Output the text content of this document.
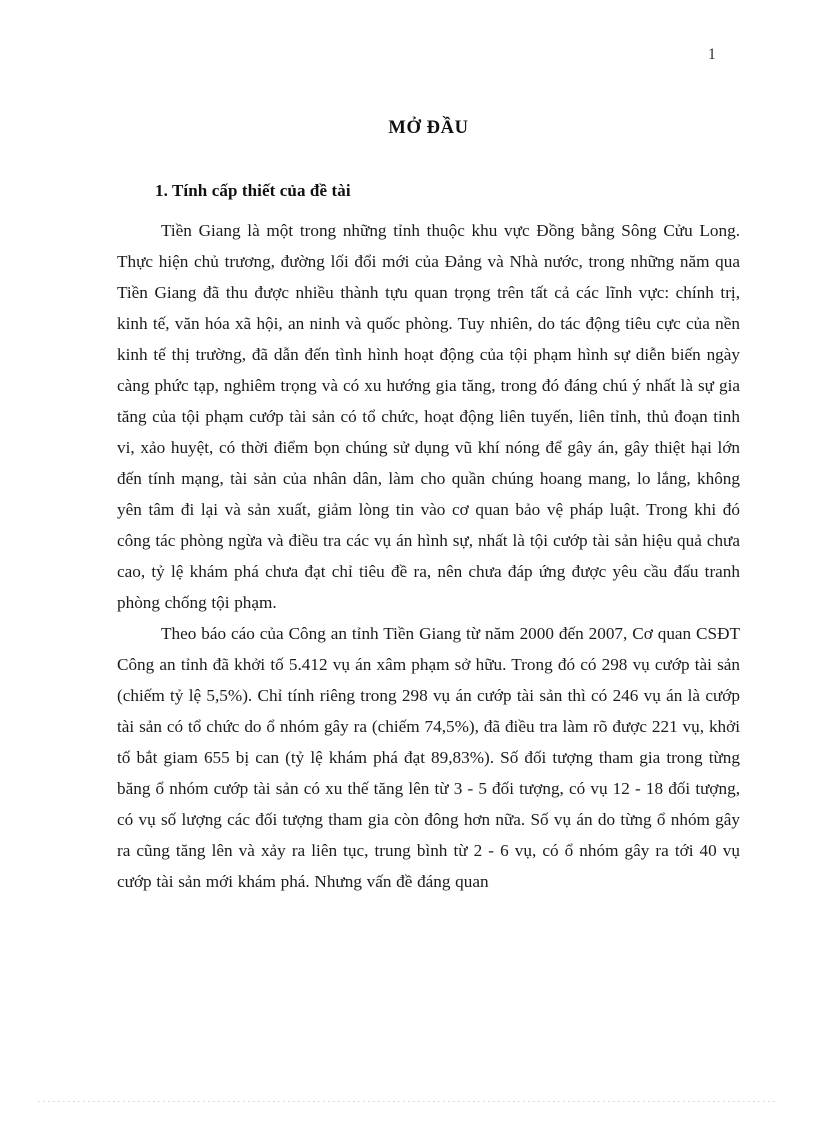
1
MỞ ĐẦU
1. Tính cấp thiết của đề tài

Tiền Giang là một trong những tỉnh thuộc khu vực Đồng bằng Sông Cửu Long. Thực hiện chủ trương, đường lối đổi mới của Đảng và Nhà nước, trong những năm qua Tiền Giang đã thu được nhiều thành tựu quan trọng trên tất cả các lĩnh vực: chính trị, kinh tế, văn hóa xã hội, an ninh và quốc phòng. Tuy nhiên, do tác động tiêu cực của nền kinh tế thị trường, đã dẫn đến tình hình hoạt động của tội phạm hình sự diễn biến ngày càng phức tạp, nghiêm trọng và có xu hướng gia tăng, trong đó đáng chú ý nhất là sự gia tăng của tội phạm cướp tài sản có tổ chức, hoạt động liên tuyến, liên tỉnh, thủ đoạn tinh vi, xảo huyệt, có thời điểm bọn chúng sử dụng vũ khí nóng để gây án, gây thiệt hại lớn đến tính mạng, tài sản của nhân dân, làm cho quần chúng hoang mang, lo lắng, không yên tâm đi lại và sản xuất, giảm lòng tin vào cơ quan bảo vệ pháp luật. Trong khi đó công tác phòng ngừa và điều tra các vụ án hình sự, nhất là tội cướp tài sản hiệu quả chưa cao, tỷ lệ khám phá chưa đạt chỉ tiêu đề ra, nên chưa đáp ứng được yêu cầu đấu tranh phòng chống tội phạm.

Theo báo cáo của Công an tỉnh Tiền Giang từ năm 2000 đến 2007, Cơ quan CSĐT Công an tỉnh đã khởi tố 5.412 vụ án xâm phạm sở hữu. Trong đó có 298 vụ cướp tài sản (chiếm tỷ lệ 5,5%). Chỉ tính riêng trong 298 vụ án cướp tài sản thì có 246 vụ án là cướp tài sản có tổ chức do ổ nhóm gây ra (chiếm 74,5%), đã điều tra làm rõ được 221 vụ, khởi tố bắt giam 655 bị can (tỷ lệ khám phá đạt 89,83%). Số đối tượng tham gia trong từng băng ổ nhóm cướp tài sản có xu thế tăng lên từ 3 - 5 đối tượng, có vụ 12 - 18 đối tượng, có vụ số lượng các đối tượng tham gia còn đông hơn nữa. Số vụ án do từng ổ nhóm gây ra cũng tăng lên và xảy ra liên tục, trung bình từ 2 - 6 vụ, có ổ nhóm gây ra tới 40 vụ cướp tài sản mới khám phá. Nhưng vấn đề đáng quan
